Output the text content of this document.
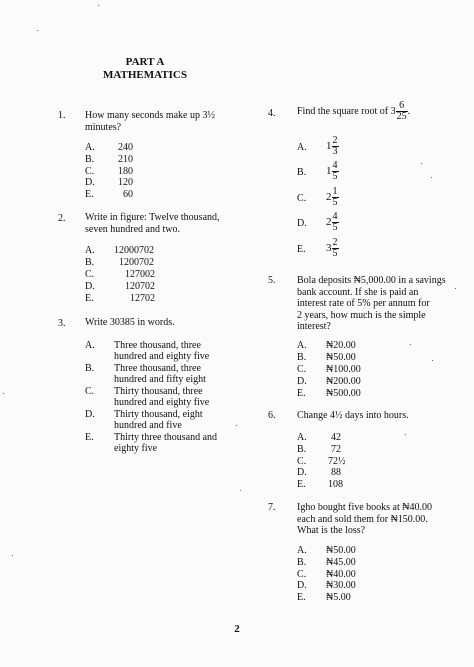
PART A
MATHEMATICS
1. How many seconds make up 3½
minutes?
A.	240
B.	210
C.	180
D.	120
E.	60
2. Write in figure: Twelve thousand,
seven hundred and two.
A. 12000702
B. 1200702
C.	127002
D.	120702
E.	12702
3. Write 30385 in words.
A. Three thousand, three
hundred and eighty five
B. Three thousand, three
hundred and fifty eight
C. Thirty thousand, three
hundred and eighty five
D. Thirty thousand, eight
hundred and five
E. Thirty three thousand and
eighty five
4. Find the square root of $3 \frac{6}{25}$ .
A. $1 \frac{2}{3}$
B. $1 \frac{4}{5}$
C. $2 \frac{1}{5}$
D. $2 \frac{4}{5}$
E. $3 \frac{2}{5}$
5. Bola deposits ₦5,000.00 in a savings
bank account. If she is paid an
interest rate of 5% per annum for
2 years, how much is the simple
interest?
A. ₦20.00
B. ₦50.00
C. ₦100.00
D. ₦200.00
E. ₦500.00
6. Change 4½ days into hours.
A. 42
B. 72
C. 72½
D. 88
E. 108
7. Igho bought five books at ₦40.00
each and sold them for ₦150.00.
What is the loss?
A. ₦50.00
B. ₦45.00
C. ₦40.00
D. ₦30.00
E. ₦5.00
2
